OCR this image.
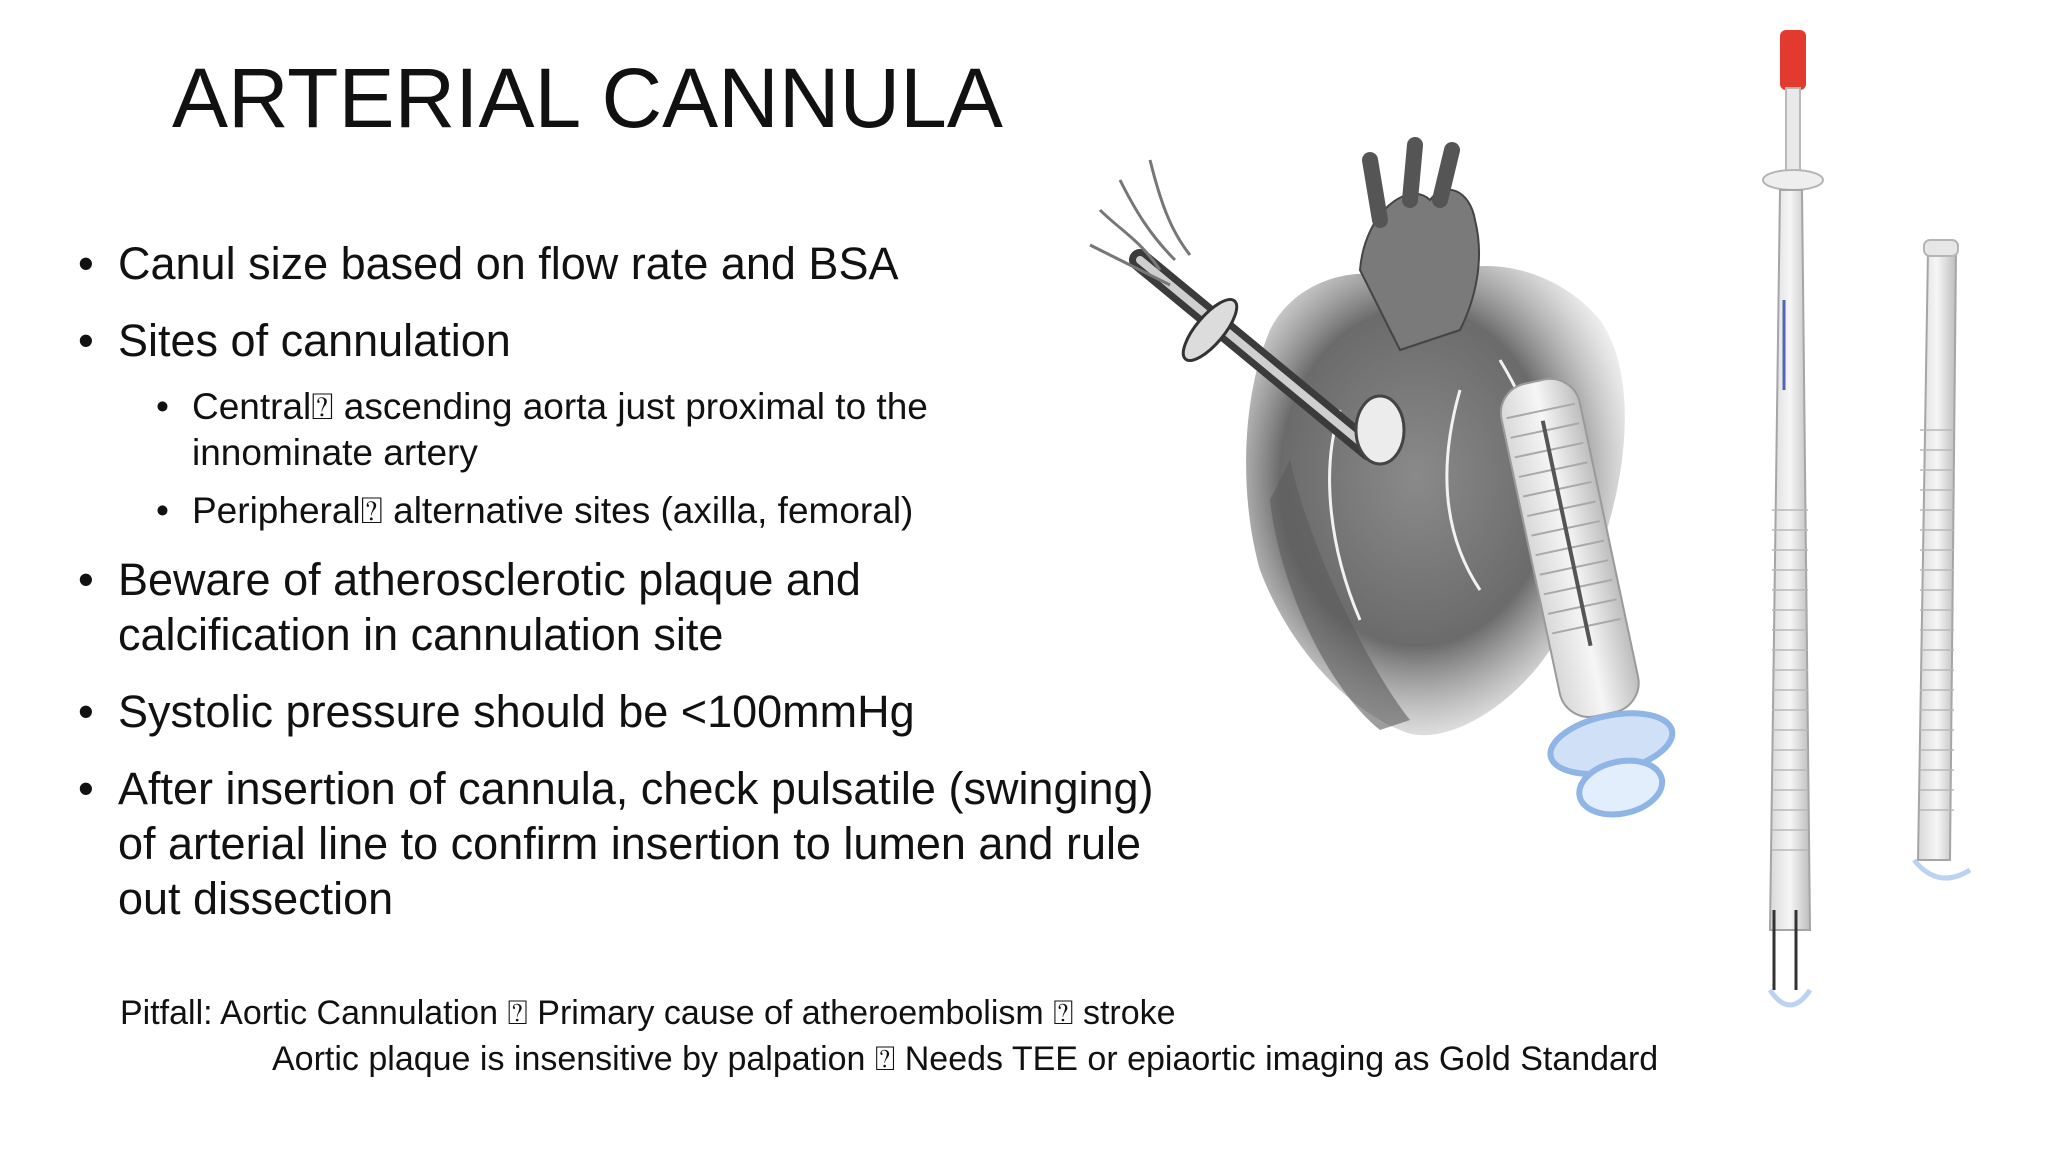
ARTERIAL CANNULA
• Canul size based on flow rate and BSA
• Sites of cannulation
• Central⍰ ascending aorta just proximal to the innominate artery
• Peripheral⍰ alternative sites (axilla, femoral)
• Beware of atherosclerotic plaque and calcification in cannulation site
• Systolic pressure should be <100mmHg
• After insertion of cannula, check pulsatile (swinging) of arterial line to confirm insertion to lumen and rule out dissection
Pitfall: Aortic Cannulation ⍰ Primary cause of atheroembolism ⍰ stroke
Aortic plaque is insensitive by palpation ⍰ Needs TEE or epiaortic imaging as Gold Standard
